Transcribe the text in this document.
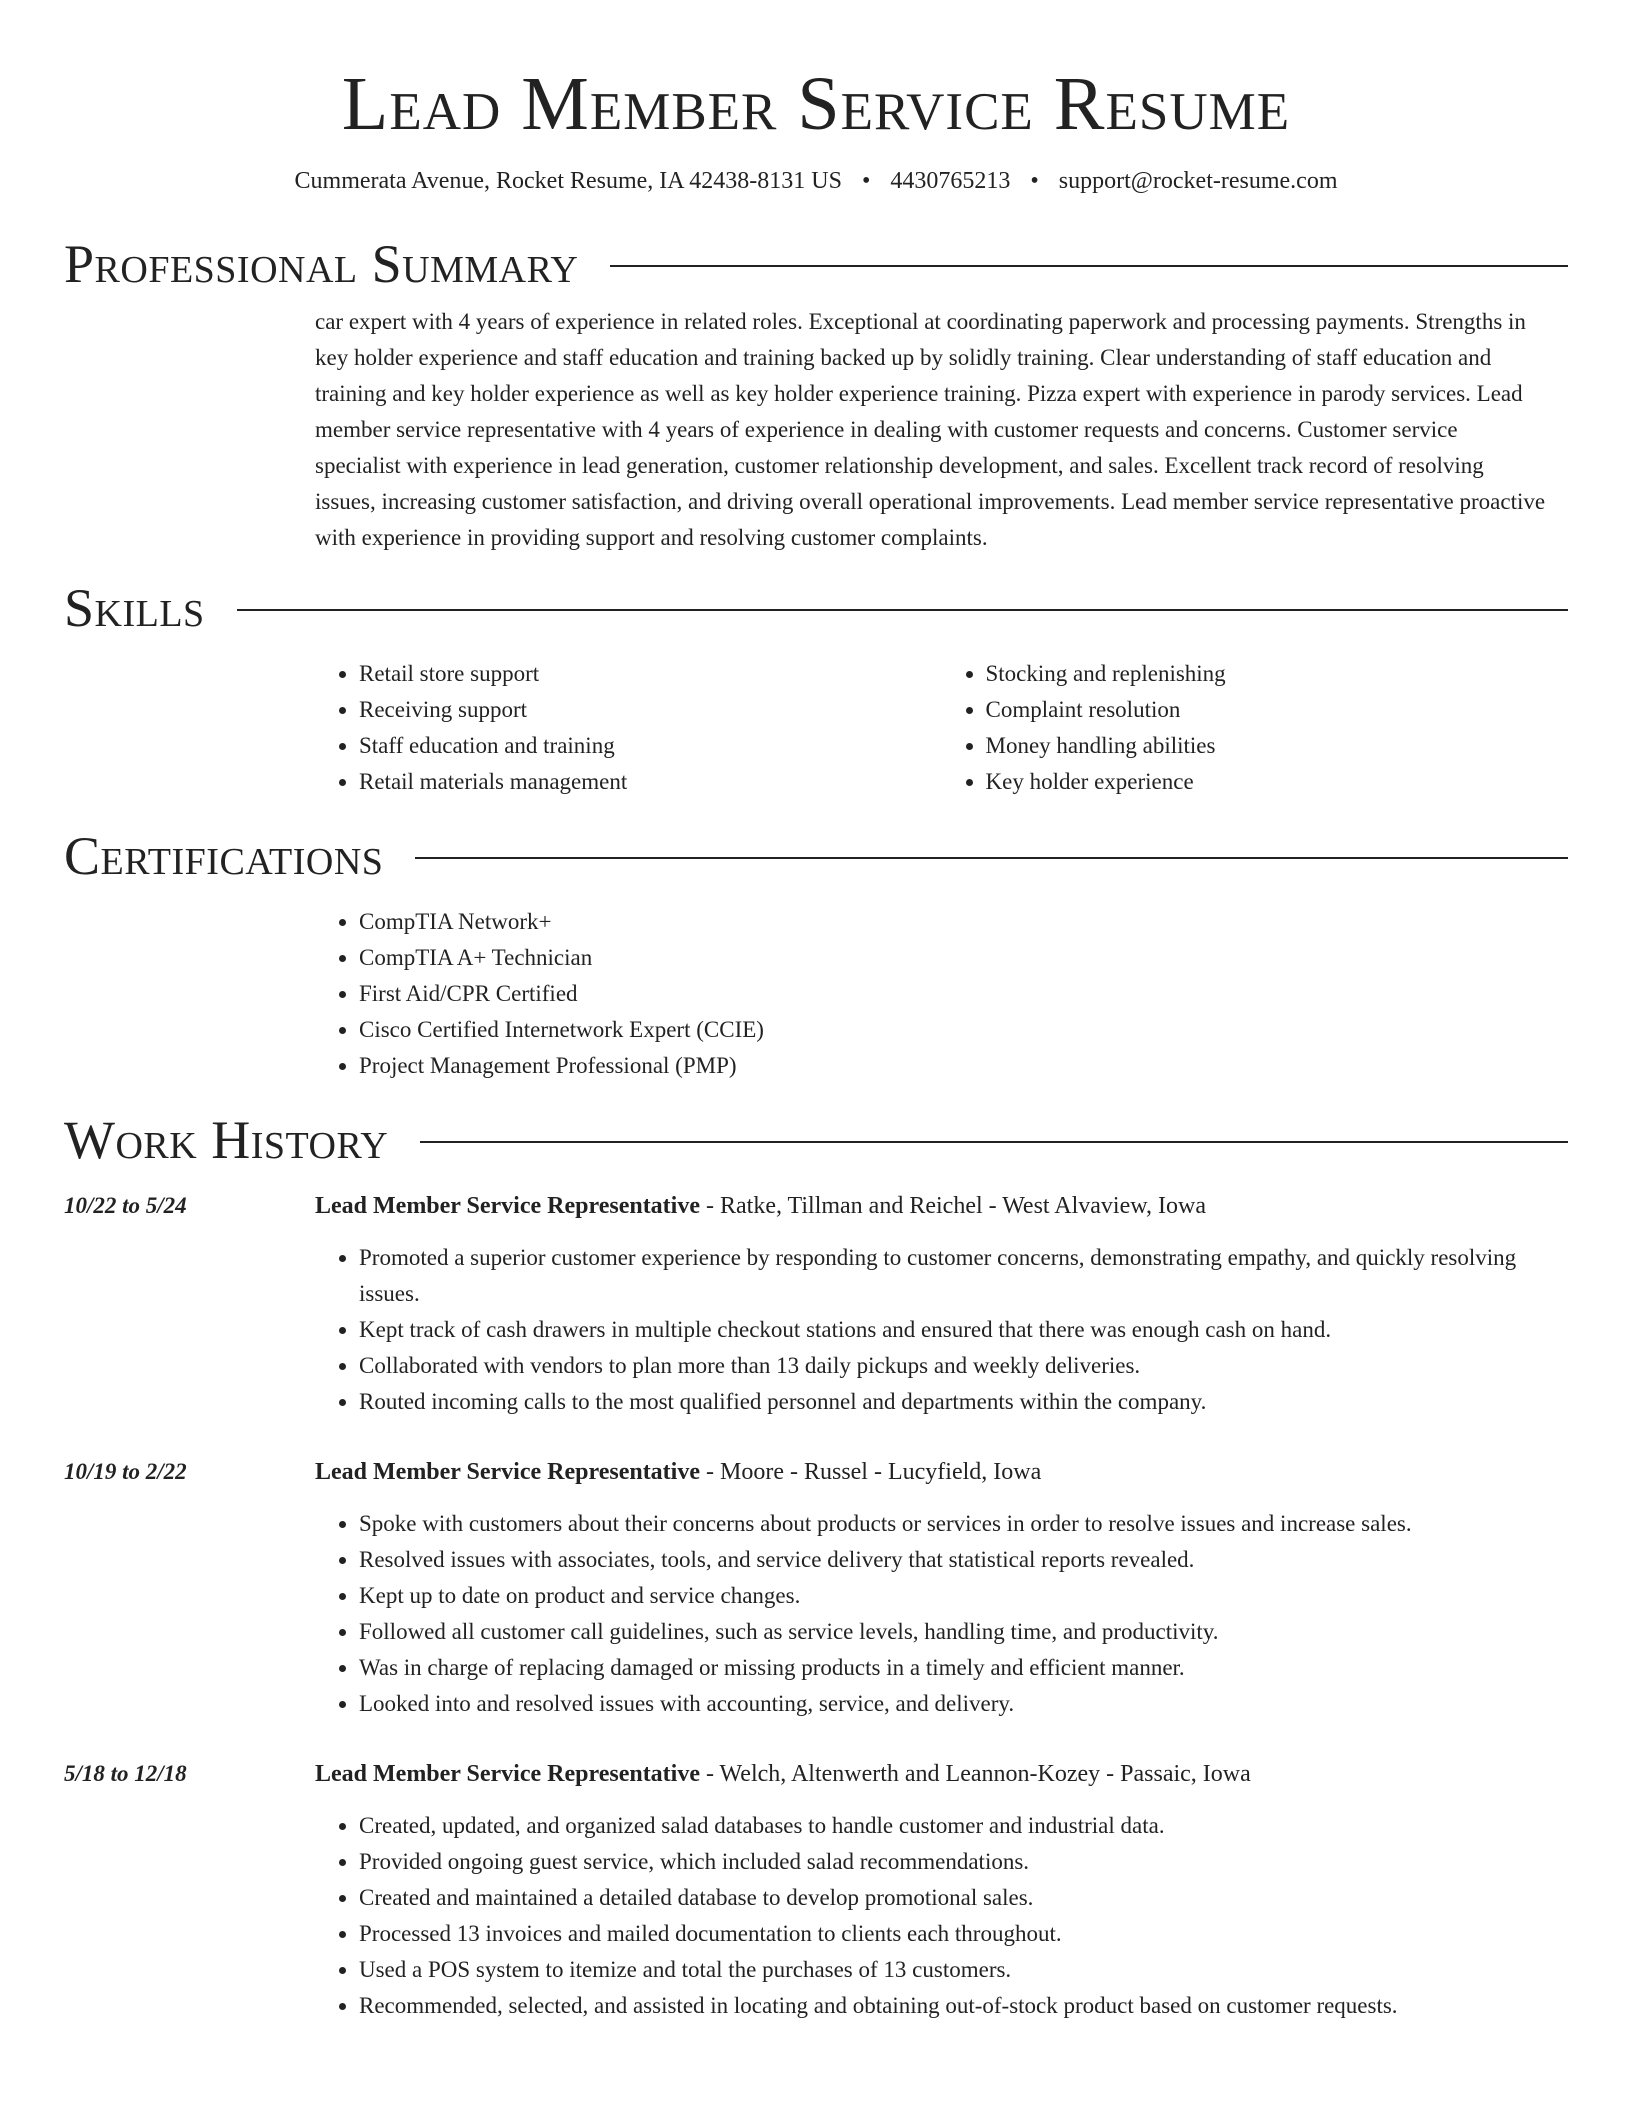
Lead Member Service Resume
Cummerata Avenue, Rocket Resume, IA 42438-8131 US • 4430765213 • support@rocket-resume.com
Professional Summary
car expert with 4 years of experience in related roles. Exceptional at coordinating paperwork and processing payments. Strengths in key holder experience and staff education and training backed up by solidly training. Clear understanding of staff education and training and key holder experience as well as key holder experience training. Pizza expert with experience in parody services. Lead member service representative with 4 years of experience in dealing with customer requests and concerns. Customer service specialist with experience in lead generation, customer relationship development, and sales. Excellent track record of resolving issues, increasing customer satisfaction, and driving overall operational improvements. Lead member service representative proactive with experience in providing support and resolving customer complaints.
Skills
• Retail store support
• Receiving support
• Staff education and training
• Retail materials management
• Stocking and replenishing
• Complaint resolution
• Money handling abilities
• Key holder experience
Certifications
• CompTIA Network+
• CompTIA A+ Technician
• First Aid/CPR Certified
• Cisco Certified Internetwork Expert (CCIE)
• Project Management Professional (PMP)
Work History
10/22 to 5/24	Lead Member Service Representative - Ratke, Tillman and Reichel - West Alvaview, Iowa
• Promoted a superior customer experience by responding to customer concerns, demonstrating empathy, and quickly resolving issues.
• Kept track of cash drawers in multiple checkout stations and ensured that there was enough cash on hand.
• Collaborated with vendors to plan more than 13 daily pickups and weekly deliveries.
• Routed incoming calls to the most qualified personnel and departments within the company.
10/19 to 2/22	Lead Member Service Representative - Moore - Russel - Lucyfield, Iowa
• Spoke with customers about their concerns about products or services in order to resolve issues and increase sales.
• Resolved issues with associates, tools, and service delivery that statistical reports revealed.
• Kept up to date on product and service changes.
• Followed all customer call guidelines, such as service levels, handling time, and productivity.
• Was in charge of replacing damaged or missing products in a timely and efficient manner.
• Looked into and resolved issues with accounting, service, and delivery.
5/18 to 12/18	Lead Member Service Representative - Welch, Altenwerth and Leannon-Kozey - Passaic, Iowa
• Created, updated, and organized salad databases to handle customer and industrial data.
• Provided ongoing guest service, which included salad recommendations.
• Created and maintained a detailed database to develop promotional sales.
• Processed 13 invoices and mailed documentation to clients each throughout.
• Used a POS system to itemize and total the purchases of 13 customers.
• Recommended, selected, and assisted in locating and obtaining out-of-stock product based on customer requests.
